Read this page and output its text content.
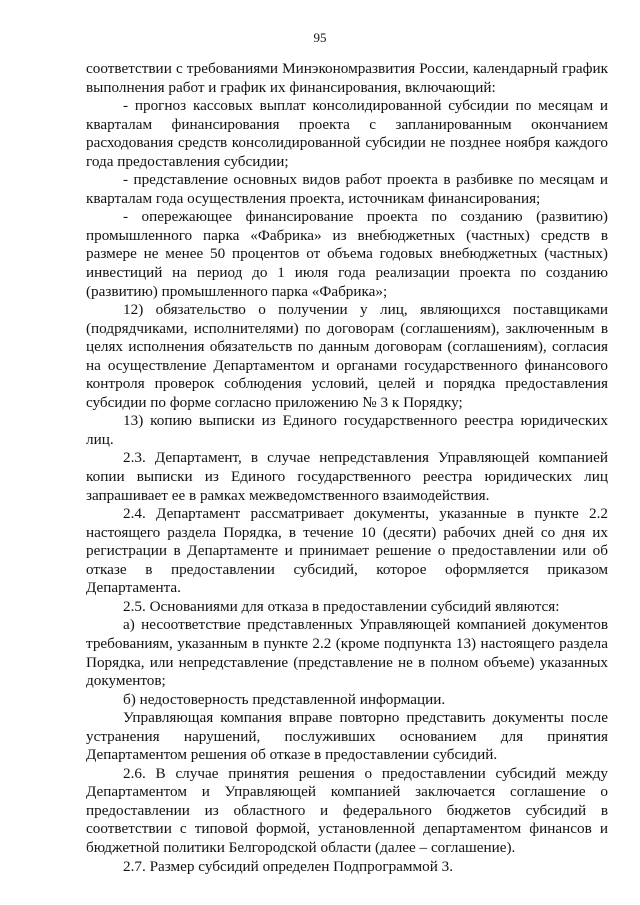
95

соответствии с требованиями Минэкономразвития России, календарный график выполнения работ и график их финансирования, включающий:

- прогноз кассовых выплат консолидированной субсидии по месяцам и кварталам финансирования проекта с запланированным окончанием расходования средств консолидированной субсидии не позднее ноября каждого года предоставления субсидии;

- представление основных видов работ проекта в разбивке по месяцам и кварталам года осуществления проекта, источникам финансирования;

- опережающее финансирование проекта по созданию (развитию) промышленного парка «Фабрика» из внебюджетных (частных) средств в размере не менее 50 процентов от объема годовых внебюджетных (частных) инвестиций на период до 1 июля года реализации проекта по созданию (развитию) промышленного парка «Фабрика»;

12) обязательство о получении у лиц, являющихся поставщиками (подрядчиками, исполнителями) по договорам (соглашениям), заключенным в целях исполнения обязательств по данным договорам (соглашениям), согласия на осуществление Департаментом и органами государственного финансового контроля проверок соблюдения условий, целей и порядка предоставления субсидии по форме согласно приложению № 3 к Порядку;

13) копию выписки из Единого государственного реестра юридических лиц.

2.3. Департамент, в случае непредставления Управляющей компанией копии выписки из Единого государственного реестра юридических лиц запрашивает ее в рамках межведомственного взаимодействия.

2.4. Департамент рассматривает документы, указанные в пункте 2.2 настоящего раздела Порядка, в течение 10 (десяти) рабочих дней со дня их регистрации в Департаменте и принимает решение о предоставлении или об отказе в предоставлении субсидий, которое оформляется приказом Департамента.

2.5. Основаниями для отказа в предоставлении субсидий являются:

а) несоответствие представленных Управляющей компанией документов требованиям, указанным в пункте 2.2 (кроме подпункта 13) настоящего раздела Порядка, или непредставление (представление не в полном объеме) указанных документов;

б) недостоверность представленной информации.

Управляющая компания вправе повторно представить документы после устранения нарушений, послуживших основанием для принятия Департаментом решения об отказе в предоставлении субсидий.

2.6. В случае принятия решения о предоставлении субсидий между Департаментом и Управляющей компанией заключается соглашение о предоставлении из областного и федерального бюджетов субсидий в соответствии с типовой формой, установленной департаментом финансов и бюджетной политики Белгородской области (далее – соглашение).

2.7. Размер субсидий определен Подпрограммой 3.
